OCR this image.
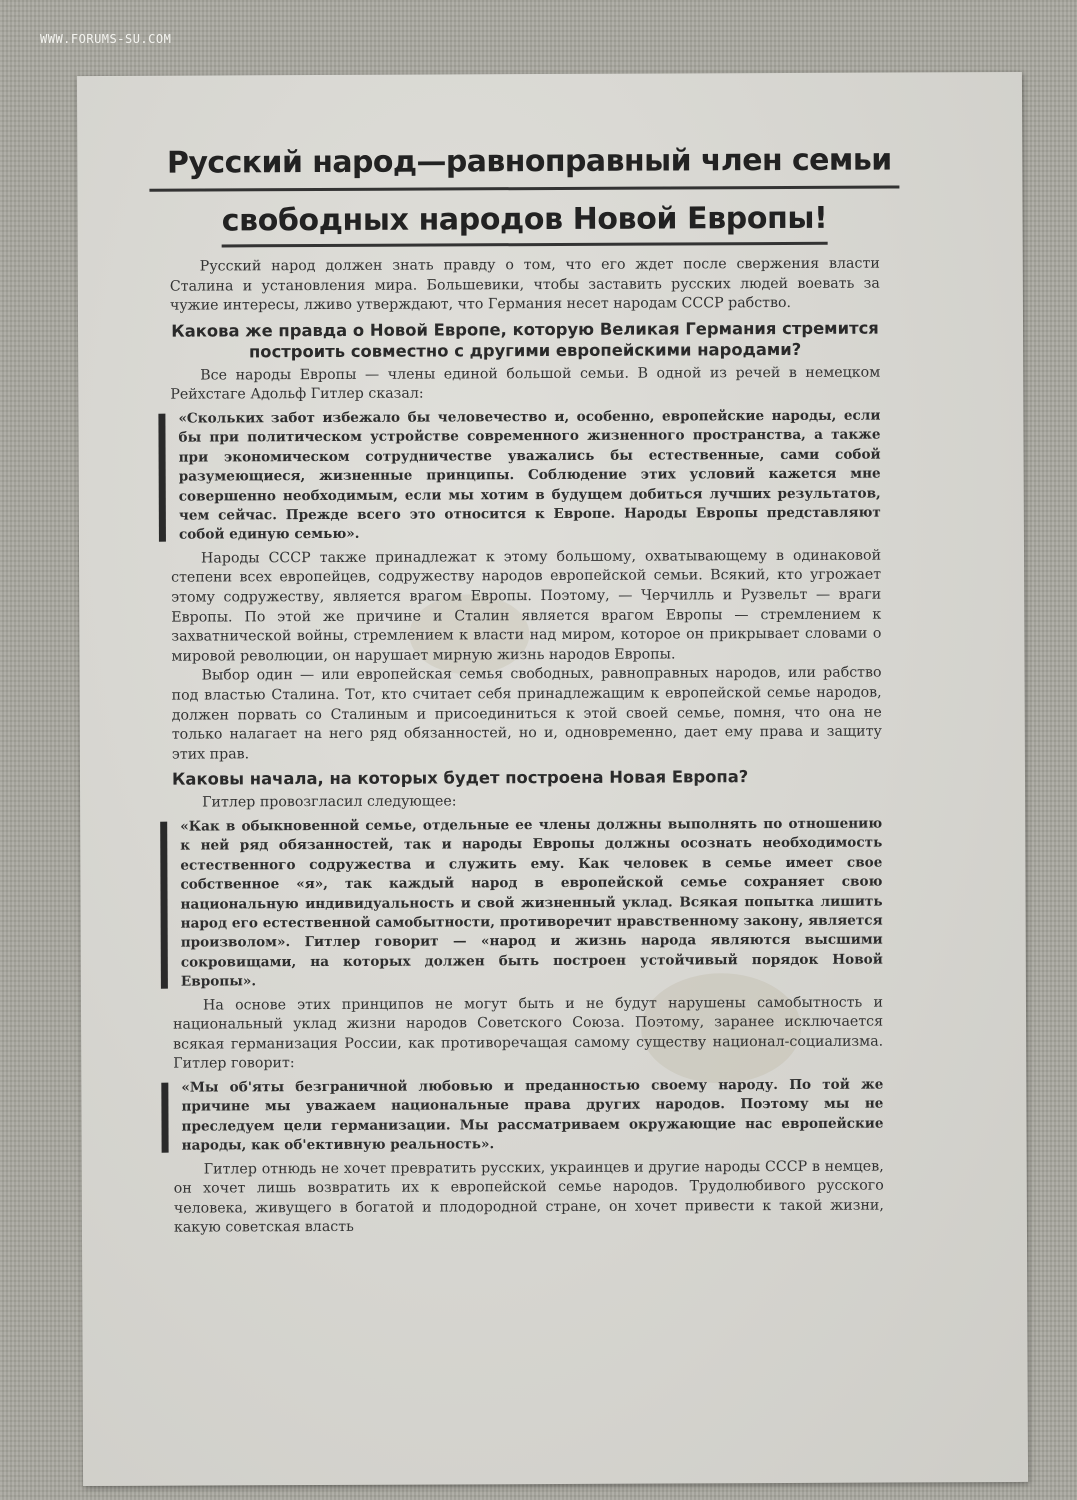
WWW.FORUMS-SU.COM
Русский народ—равноправный член семьи
свободных народов Новой Европы!

Русский народ должен знать правду о том, что его ждет после свержения власти Сталина и установления мира. Большевики, чтобы заставить русских людей воевать за чужие интересы, лживо утверждают, что Германия несет народам СССР рабство.

Какова же правда о Новой Европе, которую Великая Германия стремится построить совместно с другими европейскими народами?

Все народы Европы — члены единой большой семьи. В одной из речей в немецком Рейхстаге Адольф Гитлер сказал:

«Скольких забот избежало бы человечество и, особенно, европейские народы, если бы при политическом устройстве современного жизненного пространства, а также при экономическом сотрудничестве уважались бы естественные, сами собой разумеющиеся, жизненные принципы. Соблюдение этих условий кажется мне совершенно необходимым, если мы хотим в будущем добиться лучших результатов, чем сейчас. Прежде всего это относится к Европе. Народы Европы представляют собой единую семью».

Народы СССР также принадлежат к этому большому, охватывающему в одинаковой степени всех европейцев, содружеству народов европейской семьи. Всякий, кто угрожает этому содружеству, является врагом Европы. Поэтому, — Черчилль и Рузвельт — враги Европы. По этой же причине и Сталин является врагом Европы — стремлением к захватнической войны, стремлением к власти над миром, которое он прикрывает словами о мировой революции, он нарушает мирную жизнь народов Европы.

Выбор один — или европейская семья свободных, равноправных народов, или рабство под властью Сталина. Тот, кто считает себя принадлежащим к европейской семье народов, должен порвать со Сталиным и присоединиться к этой своей семье, помня, что она не только налагает на него ряд обязанностей, но и, одновременно, дает ему права и защиту этих прав.

Каковы начала, на которых будет построена Новая Европа?

Гитлер провозгласил следующее:

«Как в обыкновенной семье, отдельные ее члены должны выполнять по отношению к ней ряд обязанностей, так и народы Европы должны осознать необходимость естественного содружества и служить ему. Как человек в семье имеет свое собственное «я», так каждый народ в европейской семье сохраняет свою национальную индивидуальность и свой жизненный уклад. Всякая попытка лишить народ его естественной самобытности, противоречит нравственному закону, является произволом». Гитлер говорит — «народ и жизнь народа являются высшими сокровищами, на которых должен быть построен устойчивый порядок Новой Европы».

На основе этих принципов не могут быть и не будут нарушены самобытность и национальный уклад жизни народов Советского Союза. Поэтому, заранее исключается всякая германизация России, как противоречащая самому существу национал-социализма. Гитлер говорит:

«Мы об'яты безграничной любовью и преданностью своему народу. По той же причине мы уважаем национальные права других народов. Поэтому мы не преследуем цели германизации. Мы рассматриваем окружающие нас европейские народы, как об'ективную реальность».

Гитлер отнюдь не хочет превратить русских, украинцев и другие народы СССР в немцев, он хочет лишь возвратить их к европейской семье народов. Трудолюбивого русского человека, живущего в богатой и плодородной стране, он хочет привести к такой жизни, какую советская власть
